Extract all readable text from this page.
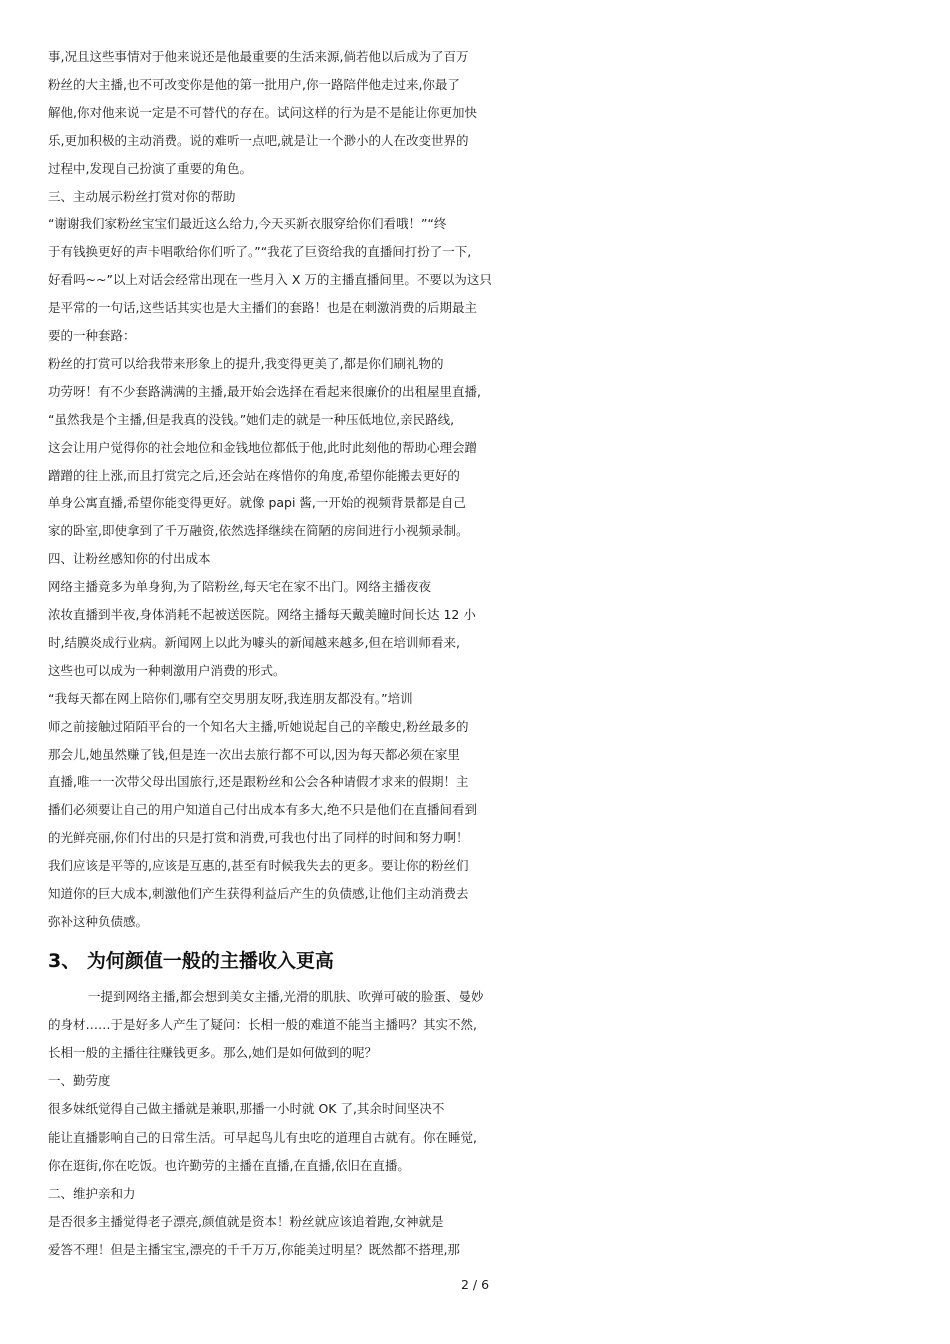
事,况且这些事情对于他来说还是他最重要的生活来源,倘若他以后成为了百万
粉丝的大主播,也不可改变你是他的第一批用户,你一路陪伴他走过来,你最了
解他,你对他来说一定是不可替代的存在。试问这样的行为是不是能让你更加快
乐,更加积极的主动消费。说的难听一点吧,就是让一个渺小的人在改变世界的
过程中,发现自己扮演了重要的角色。
三、主动展示粉丝打赏对你的帮助
“谢谢我们家粉丝宝宝们最近这么给力,今天买新衣服穿给你们看哦！”“终
于有钱换更好的声卡唱歌给你们听了。”“我花了巨资给我的直播间打扮了一下,
好看吗~~”以上对话会经常出现在一些月入 X 万的主播直播间里。不要以为这只
是平常的一句话,这些话其实也是大主播们的套路！也是在刺激消费的后期最主
要的一种套路：
粉丝的打赏可以给我带来形象上的提升,我变得更美了,都是你们刷礼物的
功劳呀！有不少套路满满的主播,最开始会选择在看起来很廉价的出租屋里直播,
“虽然我是个主播,但是我真的没钱。”她们走的就是一种压低地位,亲民路线,
这会让用户觉得你的社会地位和金钱地位都低于他,此时此刻他的帮助心理会蹭
蹭蹭的往上涨,而且打赏完之后,还会站在疼惜你的角度,希望你能搬去更好的
单身公寓直播,希望你能变得更好。就像 papi 酱,一开始的视频背景都是自己
家的卧室,即使拿到了千万融资,依然选择继续在简陋的房间进行小视频录制。
四、让粉丝感知你的付出成本
网络主播竟多为单身狗,为了陪粉丝,每天宅在家不出门。网络主播夜夜
浓妆直播到半夜,身体消耗不起被送医院。网络主播每天戴美瞳时间长达 12 小
时,结膜炎成行业病。新闻网上以此为噱头的新闻越来越多,但在培训师看来,
这些也可以成为一种刺激用户消费的形式。
“我每天都在网上陪你们,哪有空交男朋友呀,我连朋友都没有。”培训
师之前接触过陌陌平台的一个知名大主播,听她说起自己的辛酸史,粉丝最多的
那会儿,她虽然赚了钱,但是连一次出去旅行都不可以,因为每天都必须在家里
直播,唯一一次带父母出国旅行,还是跟粉丝和公会各种请假才求来的假期！主
播们必须要让自己的用户知道自己付出成本有多大,绝不只是他们在直播间看到
的光鲜亮丽,你们付出的只是打赏和消费,可我也付出了同样的时间和努力啊！
我们应该是平等的,应该是互惠的,甚至有时候我失去的更多。要让你的粉丝们
知道你的巨大成本,刺激他们产生获得利益后产生的负债感,让他们主动消费去
弥补这种负债感。
3、 为何颜值一般的主播收入更高
一提到网络主播,都会想到美女主播,光滑的肌肤、吹弹可破的脸蛋、曼妙
的身材……于是好多人产生了疑问：长相一般的难道不能当主播吗？其实不然,
长相一般的主播往往赚钱更多。那么,她们是如何做到的呢？
一、勤劳度
很多妹纸觉得自己做主播就是兼职,那播一小时就 OK 了,其余时间坚决不
能让直播影响自己的日常生活。可早起鸟儿有虫吃的道理自古就有。你在睡觉,
你在逛街,你在吃饭。也许勤劳的主播在直播,在直播,依旧在直播。
二、维护亲和力
是否很多主播觉得老子漂亮,颜值就是资本！粉丝就应该追着跑,女神就是
爱答不理！但是主播宝宝,漂亮的千千万万,你能美过明星？既然都不搭理,那
2 / 6
